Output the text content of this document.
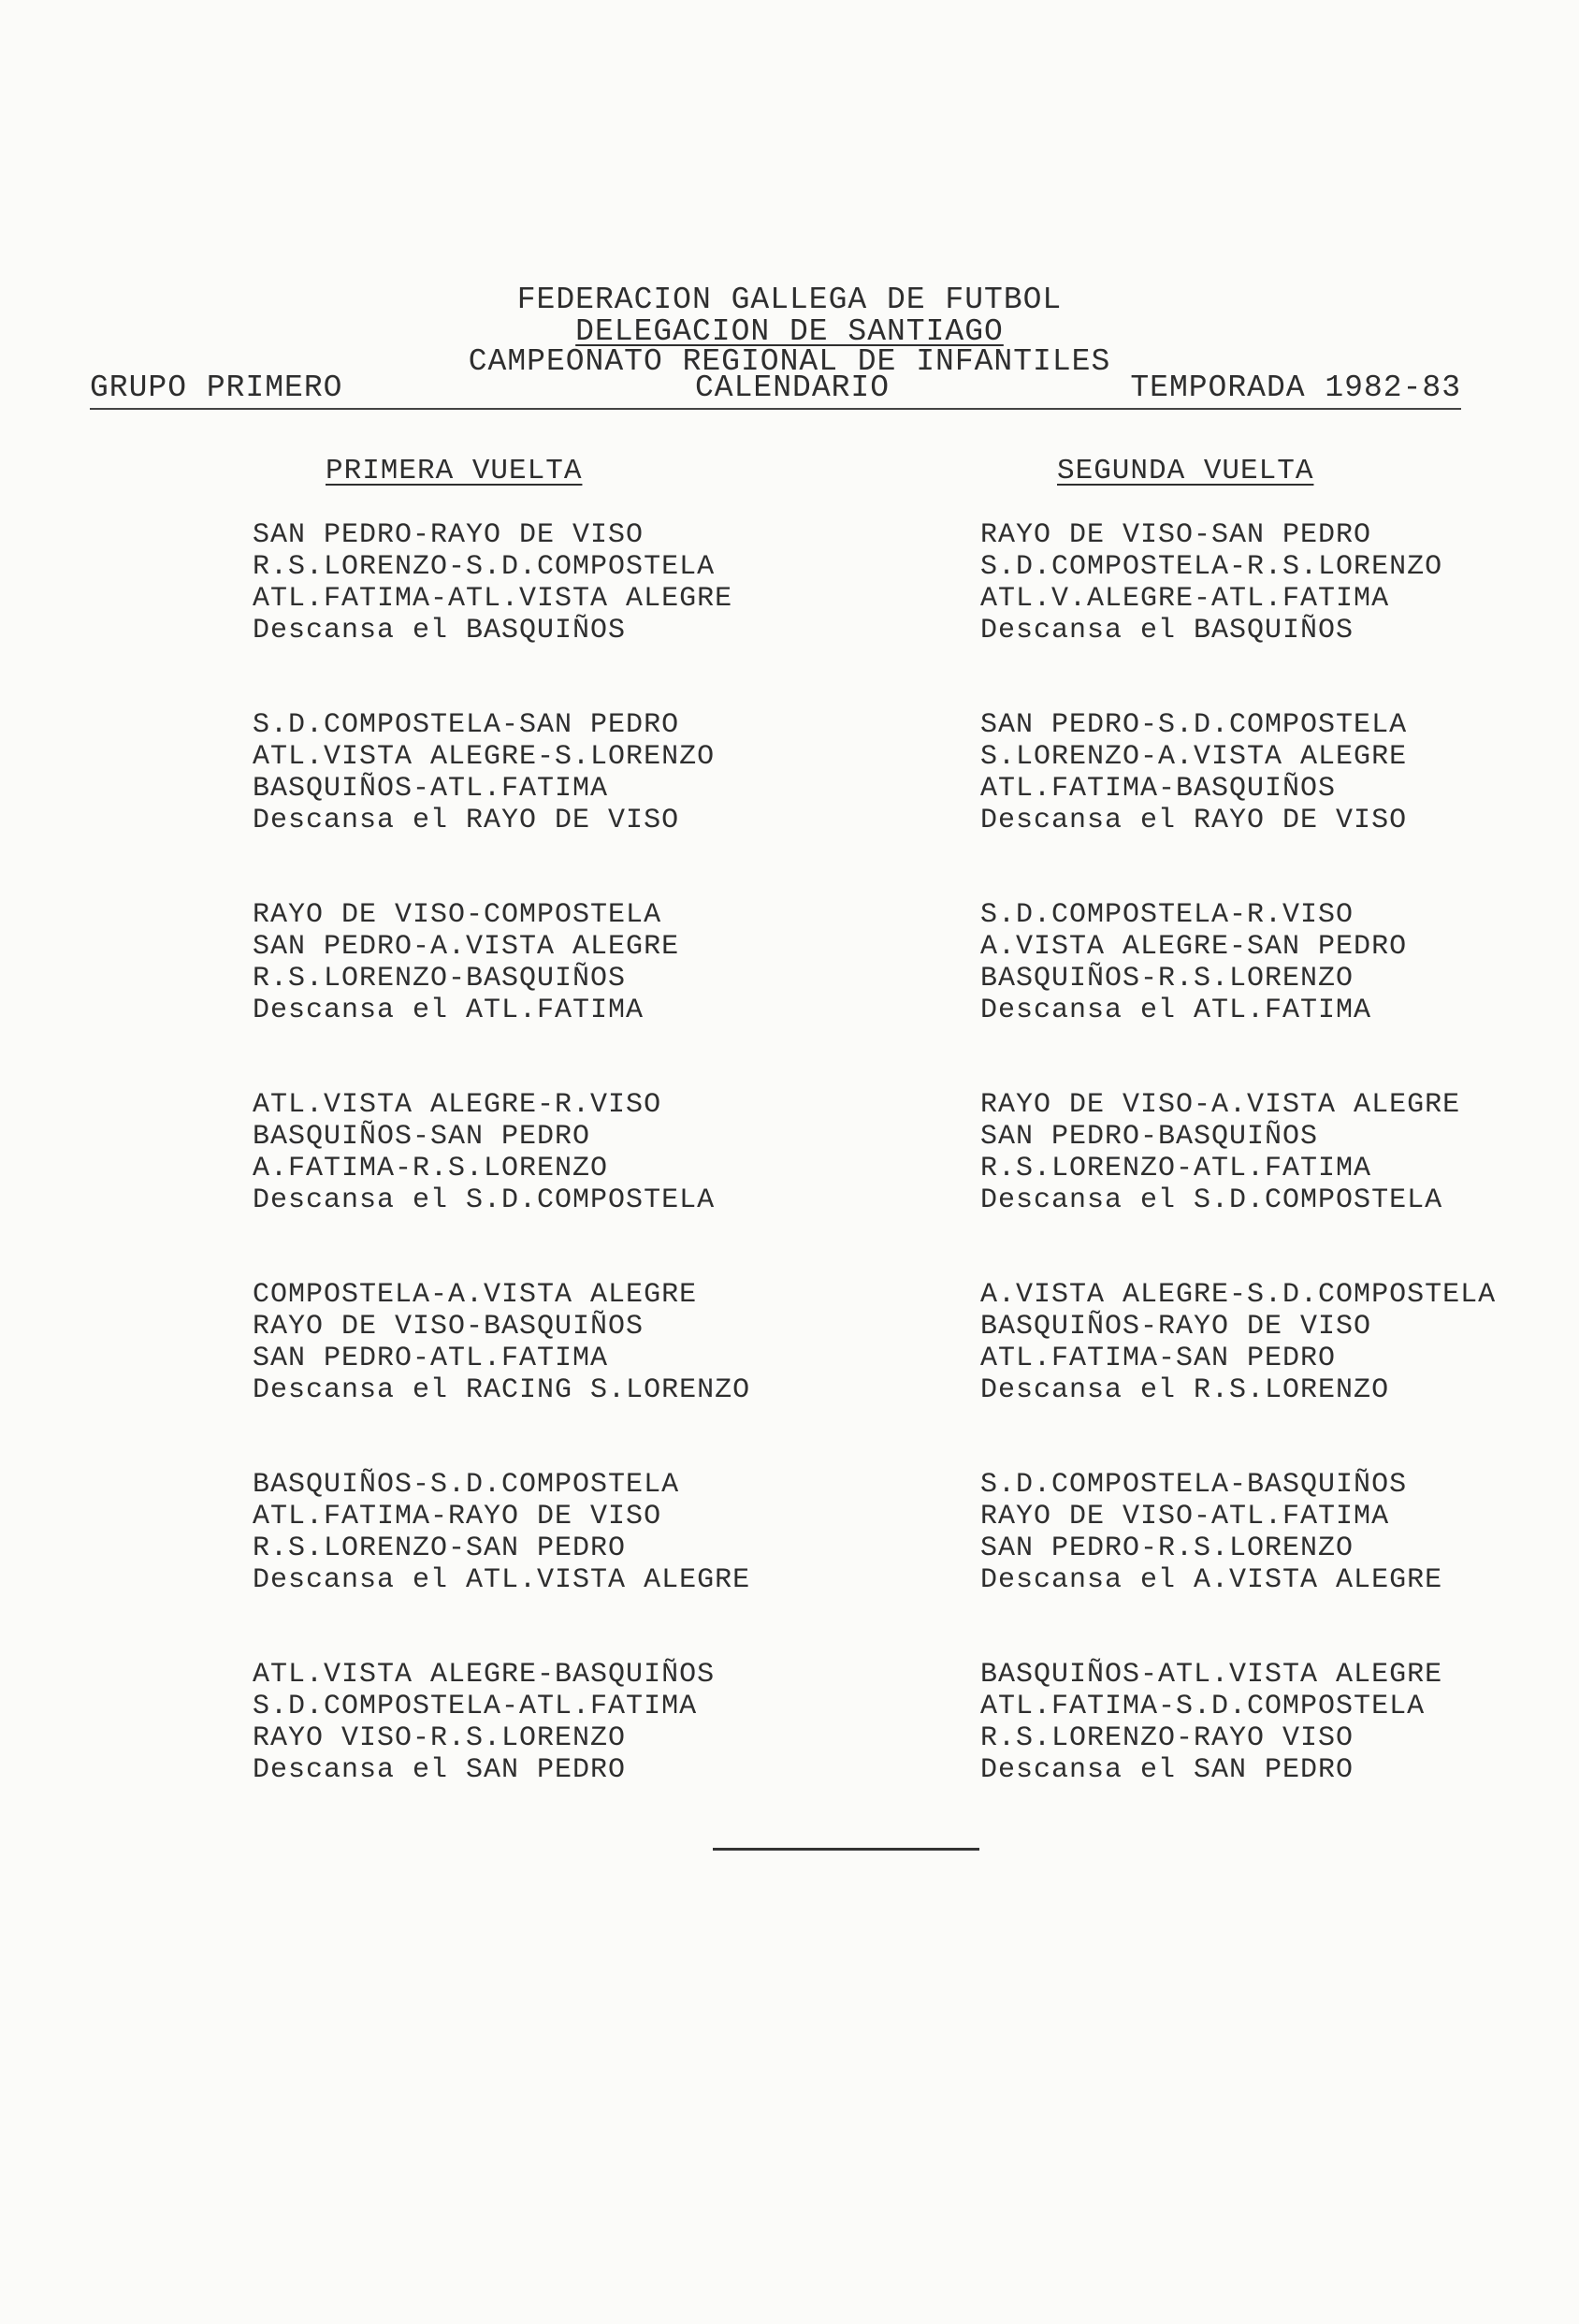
FEDERACION GALLEGA DE FUTBOL
DELEGACION DE SANTIAGO
CAMPEONATO REGIONAL DE INFANTILES
GRUPO PRIMERO	CALENDARIO	TEMPORADA 1982-83
PRIMERA VUELTA
SAN PEDRO-RAYO DE VISO
R.S.LORENZO-S.D.COMPOSTELA
ATL.FATIMA-ATL.VISTA ALEGRE
Descansa el BASQUIÑOS
S.D.COMPOSTELA-SAN PEDRO
ATL.VISTA ALEGRE-S.LORENZO
BASQUIÑOS-ATL.FATIMA
Descansa el RAYO DE VISO
RAYO DE VISO-COMPOSTELA
SAN PEDRO-A.VISTA ALEGRE
R.S.LORENZO-BASQUIÑOS
Descansa el ATL.FATIMA
ATL.VISTA ALEGRE-R.VISO
BASQUIÑOS-SAN PEDRO
A.FATIMA-R.S.LORENZO
Descansa el S.D.COMPOSTELA
COMPOSTELA-A.VISTA ALEGRE
RAYO DE VISO-BASQUIÑOS
SAN PEDRO-ATL.FATIMA
Descansa el RACING S.LORENZO
BASQUIÑOS-S.D.COMPOSTELA
ATL.FATIMA-RAYO DE VISO
R.S.LORENZO-SAN PEDRO
Descansa el ATL.VISTA ALEGRE
ATL.VISTA ALEGRE-BASQUIÑOS
S.D.COMPOSTELA-ATL.FATIMA
RAYO VISO-R.S.LORENZO
Descansa el SAN PEDRO
SEGUNDA VUELTA
RAYO DE VISO-SAN PEDRO
S.D.COMPOSTELA-R.S.LORENZO
ATL.V.ALEGRE-ATL.FATIMA
Descansa el BASQUIÑOS
SAN PEDRO-S.D.COMPOSTELA
S.LORENZO-A.VISTA ALEGRE
ATL.FATIMA-BASQUIÑOS
Descansa el RAYO DE VISO
S.D.COMPOSTELA-R.VISO
A.VISTA ALEGRE-SAN PEDRO
BASQUIÑOS-R.S.LORENZO
Descansa el ATL.FATIMA
RAYO DE VISO-A.VISTA ALEGRE
SAN PEDRO-BASQUIÑOS
R.S.LORENZO-ATL.FATIMA
Descansa el S.D.COMPOSTELA
A.VISTA ALEGRE-S.D.COMPOSTELA
BASQUIÑOS-RAYO DE VISO
ATL.FATIMA-SAN PEDRO
Descansa el R.S.LORENZO
S.D.COMPOSTELA-BASQUIÑOS
RAYO DE VISO-ATL.FATIMA
SAN PEDRO-R.S.LORENZO
Descansa el A.VISTA ALEGRE
BASQUIÑOS-ATL.VISTA ALEGRE
ATL.FATIMA-S.D.COMPOSTELA
R.S.LORENZO-RAYO VISO
Descansa el SAN PEDRO
